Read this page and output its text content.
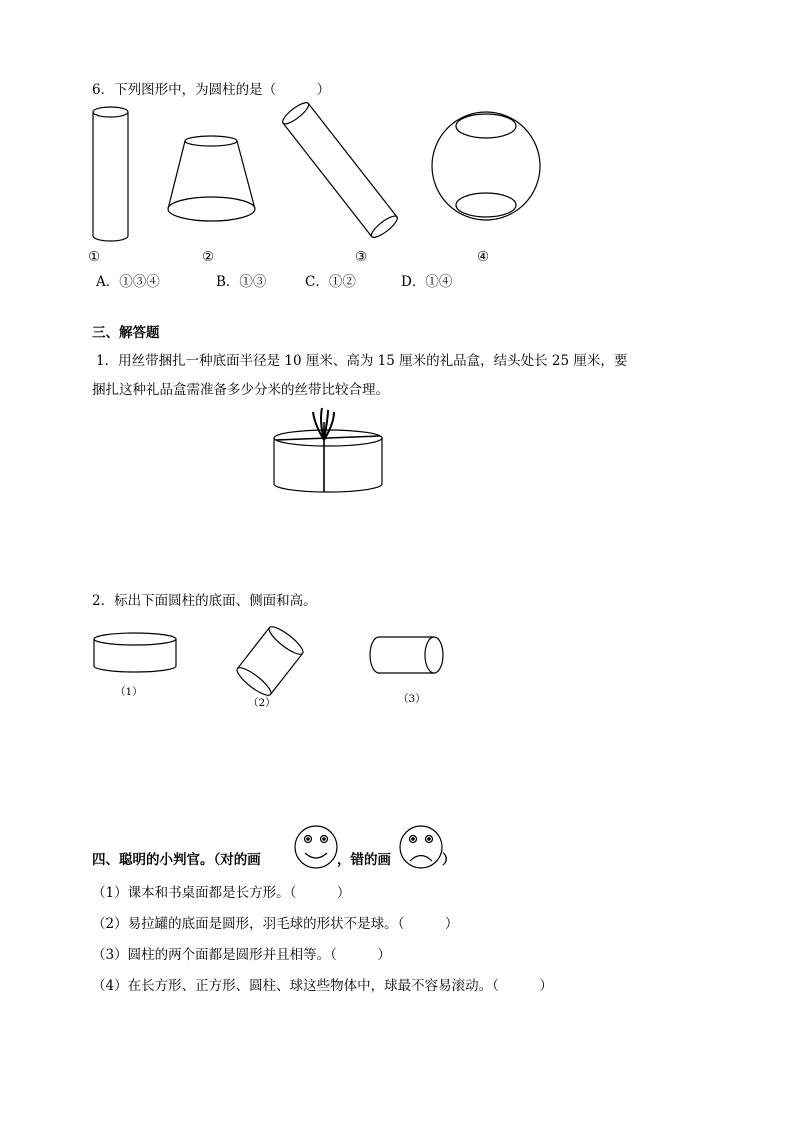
6．下列图形中，为圆柱的是（　　　）
①	②	③	④
A．①③④	B．①③	C．①②	D．①④
三、解答题
1．用丝带捆扎一种底面半径是 10 厘米、高为 15 厘米的礼品盒，结头处长 25 厘米，要
捆扎这种礼品盒需准备多少分米的丝带比较合理。
2．标出下面圆柱的底面、侧面和高。
（1）
（2）	（3）
四、聪明的小判官。（对的画	，错的画	）
（1）课本和书桌面都是长方形。（　　　）
（2）易拉罐的底面是圆形，羽毛球的形状不是球。（　　　）
（3）圆柱的两个面都是圆形并且相等。（　　　）
（4）在长方形、正方形、圆柱、球这些物体中，球最不容易滚动。（　　　）
